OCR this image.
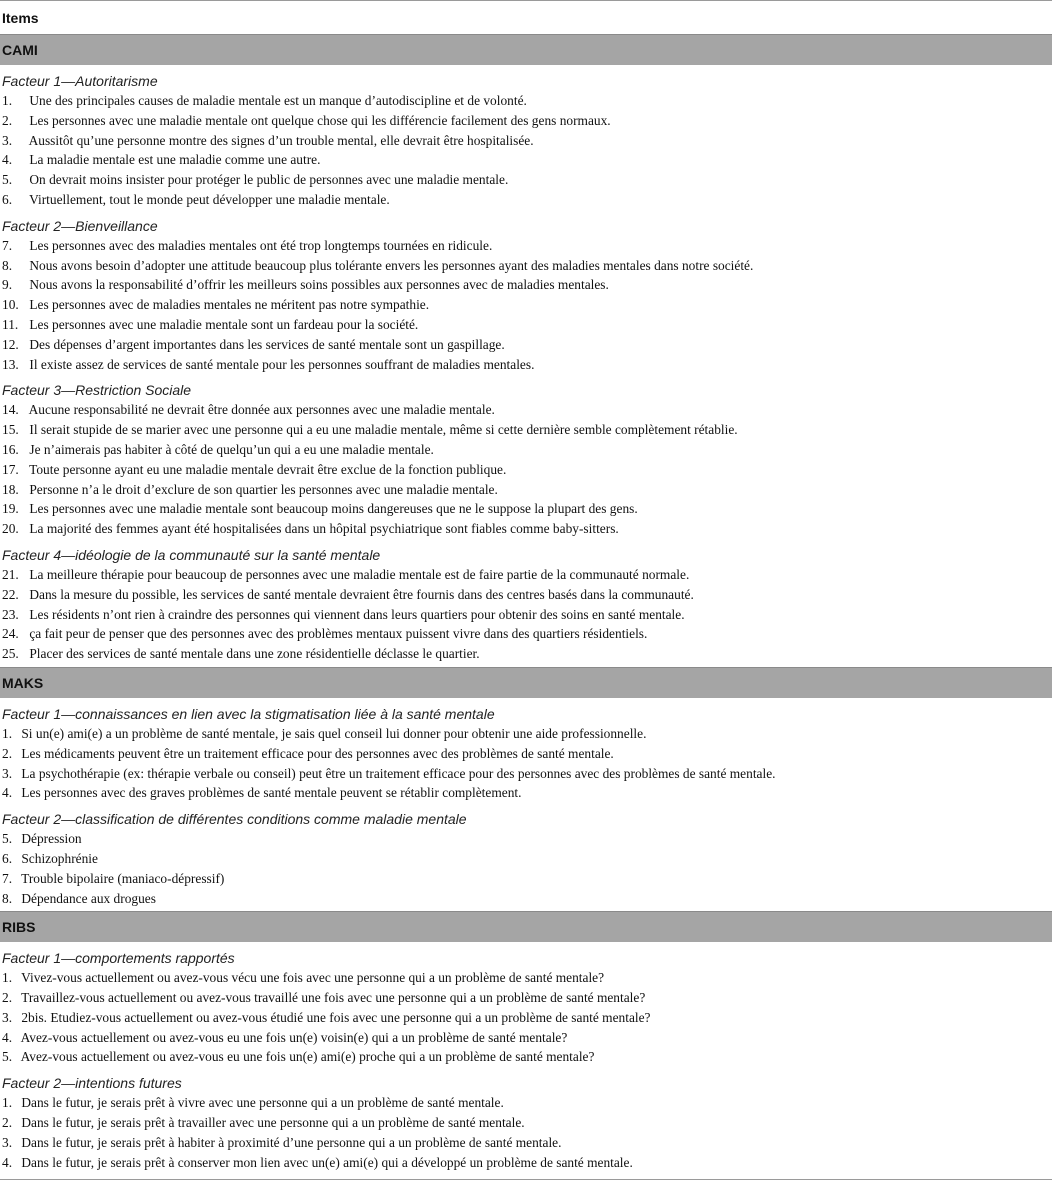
Items
CAMI
Facteur 1—Autoritarisme
1. Une des principales causes de maladie mentale est un manque d’autodiscipline et de volonté.
2. Les personnes avec une maladie mentale ont quelque chose qui les différencie facilement des gens normaux.
3. Aussitôt qu’une personne montre des signes d’un trouble mental, elle devrait être hospitalisée.
4. La maladie mentale est une maladie comme une autre.
5. On devrait moins insister pour protéger le public de personnes avec une maladie mentale.
6. Virtuellement, tout le monde peut développer une maladie mentale.
Facteur 2—Bienveillance
7. Les personnes avec des maladies mentales ont été trop longtemps tournées en ridicule.
8. Nous avons besoin d’adopter une attitude beaucoup plus tolérante envers les personnes ayant des maladies mentales dans notre société.
9. Nous avons la responsabilité d’offrir les meilleurs soins possibles aux personnes avec de maladies mentales.
10. Les personnes avec de maladies mentales ne méritent pas notre sympathie.
11. Les personnes avec une maladie mentale sont un fardeau pour la société.
12. Des dépenses d’argent importantes dans les services de santé mentale sont un gaspillage.
13. Il existe assez de services de santé mentale pour les personnes souffrant de maladies mentales.
Facteur 3—Restriction Sociale
14. Aucune responsabilité ne devrait être donnée aux personnes avec une maladie mentale.
15. Il serait stupide de se marier avec une personne qui a eu une maladie mentale, même si cette dernière semble complètement rétablie.
16. Je n’aimerais pas habiter à côté de quelqu’un qui a eu une maladie mentale.
17. Toute personne ayant eu une maladie mentale devrait être exclue de la fonction publique.
18. Personne n’a le droit d’exclure de son quartier les personnes avec une maladie mentale.
19. Les personnes avec une maladie mentale sont beaucoup moins dangereuses que ne le suppose la plupart des gens.
20. La majorité des femmes ayant été hospitalisées dans un hôpital psychiatrique sont fiables comme baby-sitters.
Facteur 4—idéologie de la communauté sur la santé mentale
21. La meilleure thérapie pour beaucoup de personnes avec une maladie mentale est de faire partie de la communauté normale.
22. Dans la mesure du possible, les services de santé mentale devraient être fournis dans des centres basés dans la communauté.
23. Les résidents n’ont rien à craindre des personnes qui viennent dans leurs quartiers pour obtenir des soins en santé mentale.
24. ça fait peur de penser que des personnes avec des problèmes mentaux puissent vivre dans des quartiers résidentiels.
25. Placer des services de santé mentale dans une zone résidentielle déclasse le quartier.
MAKS
Facteur 1—connaissances en lien avec la stigmatisation liée à la santé mentale
1. Si un(e) ami(e) a un problème de santé mentale, je sais quel conseil lui donner pour obtenir une aide professionnelle.
2. Les médicaments peuvent être un traitement efficace pour des personnes avec des problèmes de santé mentale.
3. La psychothérapie (ex: thérapie verbale ou conseil) peut être un traitement efficace pour des personnes avec des problèmes de santé mentale.
4. Les personnes avec des graves problèmes de santé mentale peuvent se rétablir complètement.
Facteur 2—classification de différentes conditions comme maladie mentale
5. Dépression
6. Schizophrénie
7. Trouble bipolaire (maniaco-dépressif)
8. Dépendance aux drogues
RIBS
Facteur 1—comportements rapportés
1. Vivez-vous actuellement ou avez-vous vécu une fois avec une personne qui a un problème de santé mentale?
2. Travaillez-vous actuellement ou avez-vous travaillé une fois avec une personne qui a un problème de santé mentale?
3. 2bis. Etudiez-vous actuellement ou avez-vous étudié une fois avec une personne qui a un problème de santé mentale?
4. Avez-vous actuellement ou avez-vous eu une fois un(e) voisin(e) qui a un problème de santé mentale?
5. Avez-vous actuellement ou avez-vous eu une fois un(e) ami(e) proche qui a un problème de santé mentale?
Facteur 2—intentions futures
1. Dans le futur, je serais prêt à vivre avec une personne qui a un problème de santé mentale.
2. Dans le futur, je serais prêt à travailler avec une personne qui a un problème de santé mentale.
3. Dans le futur, je serais prêt à habiter à proximité d’une personne qui a un problème de santé mentale.
4. Dans le futur, je serais prêt à conserver mon lien avec un(e) ami(e) qui a développé un problème de santé mentale.
